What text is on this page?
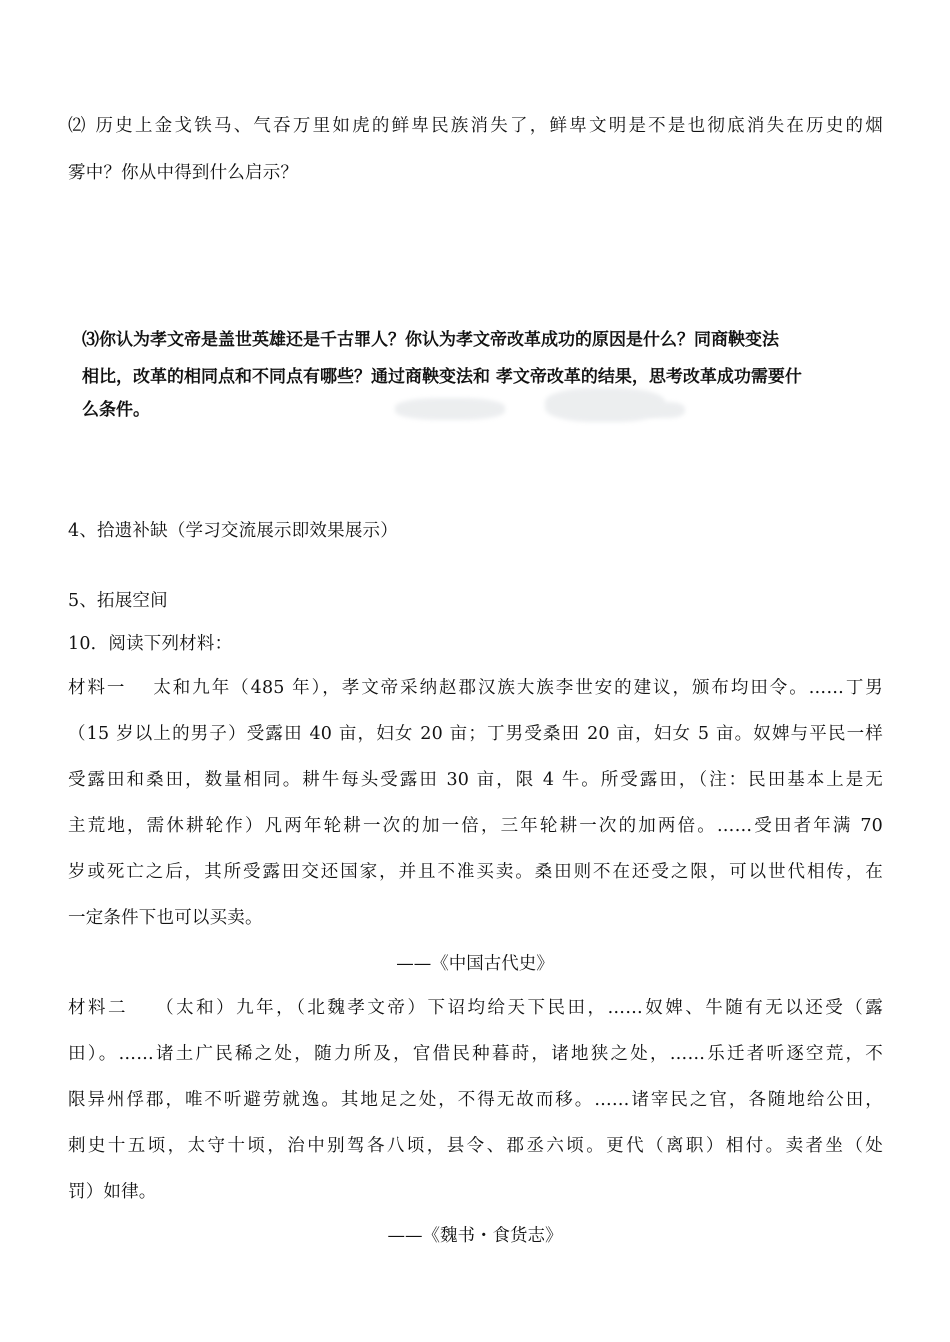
⑵ 历史上金戈铁马、气吞万里如虎的鲜卑民族消失了，鲜卑文明是不是也彻底消失在历史的烟
雾中？你从中得到什么启示？
⑶你认为孝文帝是盖世英雄还是千古罪人？你认为孝文帝改革成功的原因是什么？同商鞅变法
相比，改革的相同点和不同点有哪些？通过商鞅变法和 孝文帝改革的结果，思考改革成功需要什
么条件。
4、拾遗补缺（学习交流展示即效果展示）
5、拓展空间
10．阅读下列材料：
材料一　 太和九年（485 年），孝文帝采纳赵郡汉族大族李世安的建议，颁布均田令。……丁男
（15 岁以上的男子）受露田 40 亩，妇女 20 亩；丁男受桑田 20 亩，妇女 5 亩。奴婢与平民一样
受露田和桑田，数量相同。耕牛每头受露田 30 亩，限 4 牛。所受露田，（注：民田基本上是无
主荒地，需休耕轮作）凡两年轮耕一次的加一倍，三年轮耕一次的加两倍。……受田者年满 70
岁或死亡之后，其所受露田交还国家，并且不准买卖。桑田则不在还受之限，可以世代相传，在
一定条件下也可以买卖。
——《中国古代史》
材料二　 （太和）九年，（北魏孝文帝）下诏均给天下民田，……奴婢、牛随有无以还受（露
田）。……诸土广民稀之处，随力所及，官借民种暮莳，诸地狭之处，……乐迁者听逐空荒，不
限异州俘郡，唯不听避劳就逸。其地足之处，不得无故而移。……诸宰民之官，各随地给公田，
刺史十五顷，太守十顷，治中别驾各八顷，县令、郡丞六顷。更代（离职）相付。卖者坐（处
罚）如律。
——《魏书・食货志》
